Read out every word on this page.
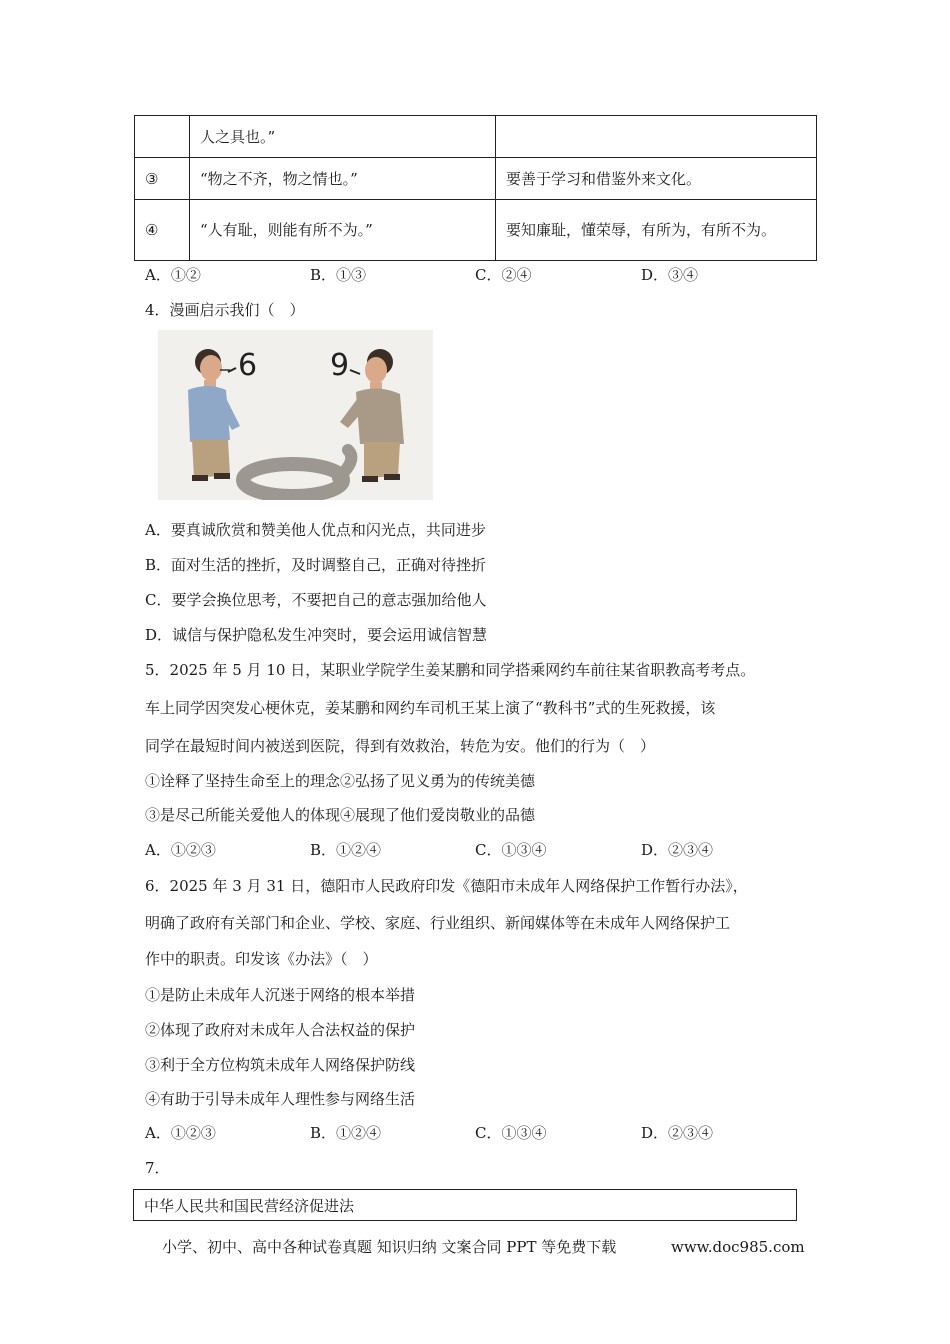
	人之具也。”	
③	“物之不齐，物之情也。”	要善于学习和借鉴外来文化。
④	“人有耻，则能有所不为。”	要知廉耻，懂荣辱，有所为，有所不为。
A．①②	B．①③	C．②④	D．③④
4．漫画启示我们（　）
6 9
A．要真诚欣赏和赞美他人优点和闪光点，共同进步
B．面对生活的挫折，及时调整自己，正确对待挫折
C．要学会换位思考，不要把自己的意志强加给他人
D．诚信与保护隐私发生冲突时，要会运用诚信智慧
5．2025 年 5 月 10 日，某职业学院学生姜某鹏和同学搭乘网约车前往某省职教高考考点。
车上同学因突发心梗休克，姜某鹏和网约车司机王某上演了“教科书”式的生死救援，该
同学在最短时间内被送到医院，得到有效救治，转危为安。他们的行为（　）
①诠释了坚持生命至上的理念②弘扬了见义勇为的传统美德
③是尽己所能关爱他人的体现④展现了他们爱岗敬业的品德
A．①②③	B．①②④	C．①③④	D．②③④
6．2025 年 3 月 31 日，德阳市人民政府印发《德阳市未成年人网络保护工作暂行办法》，
明确了政府有关部门和企业、学校、家庭、行业组织、新闻媒体等在未成年人网络保护工
作中的职责。印发该《办法》（　）
①是防止未成年人沉迷于网络的根本举措
②体现了政府对未成年人合法权益的保护
③利于全方位构筑未成年人网络保护防线
④有助于引导未成年人理性参与网络生活
A．①②③	B．①②④	C．①③④	D．②③④
7．
中华人民共和国民营经济促进法
小学、初中、高中各种试卷真题 知识归纳 文案合同 PPT 等免费下载	www.doc985.com
